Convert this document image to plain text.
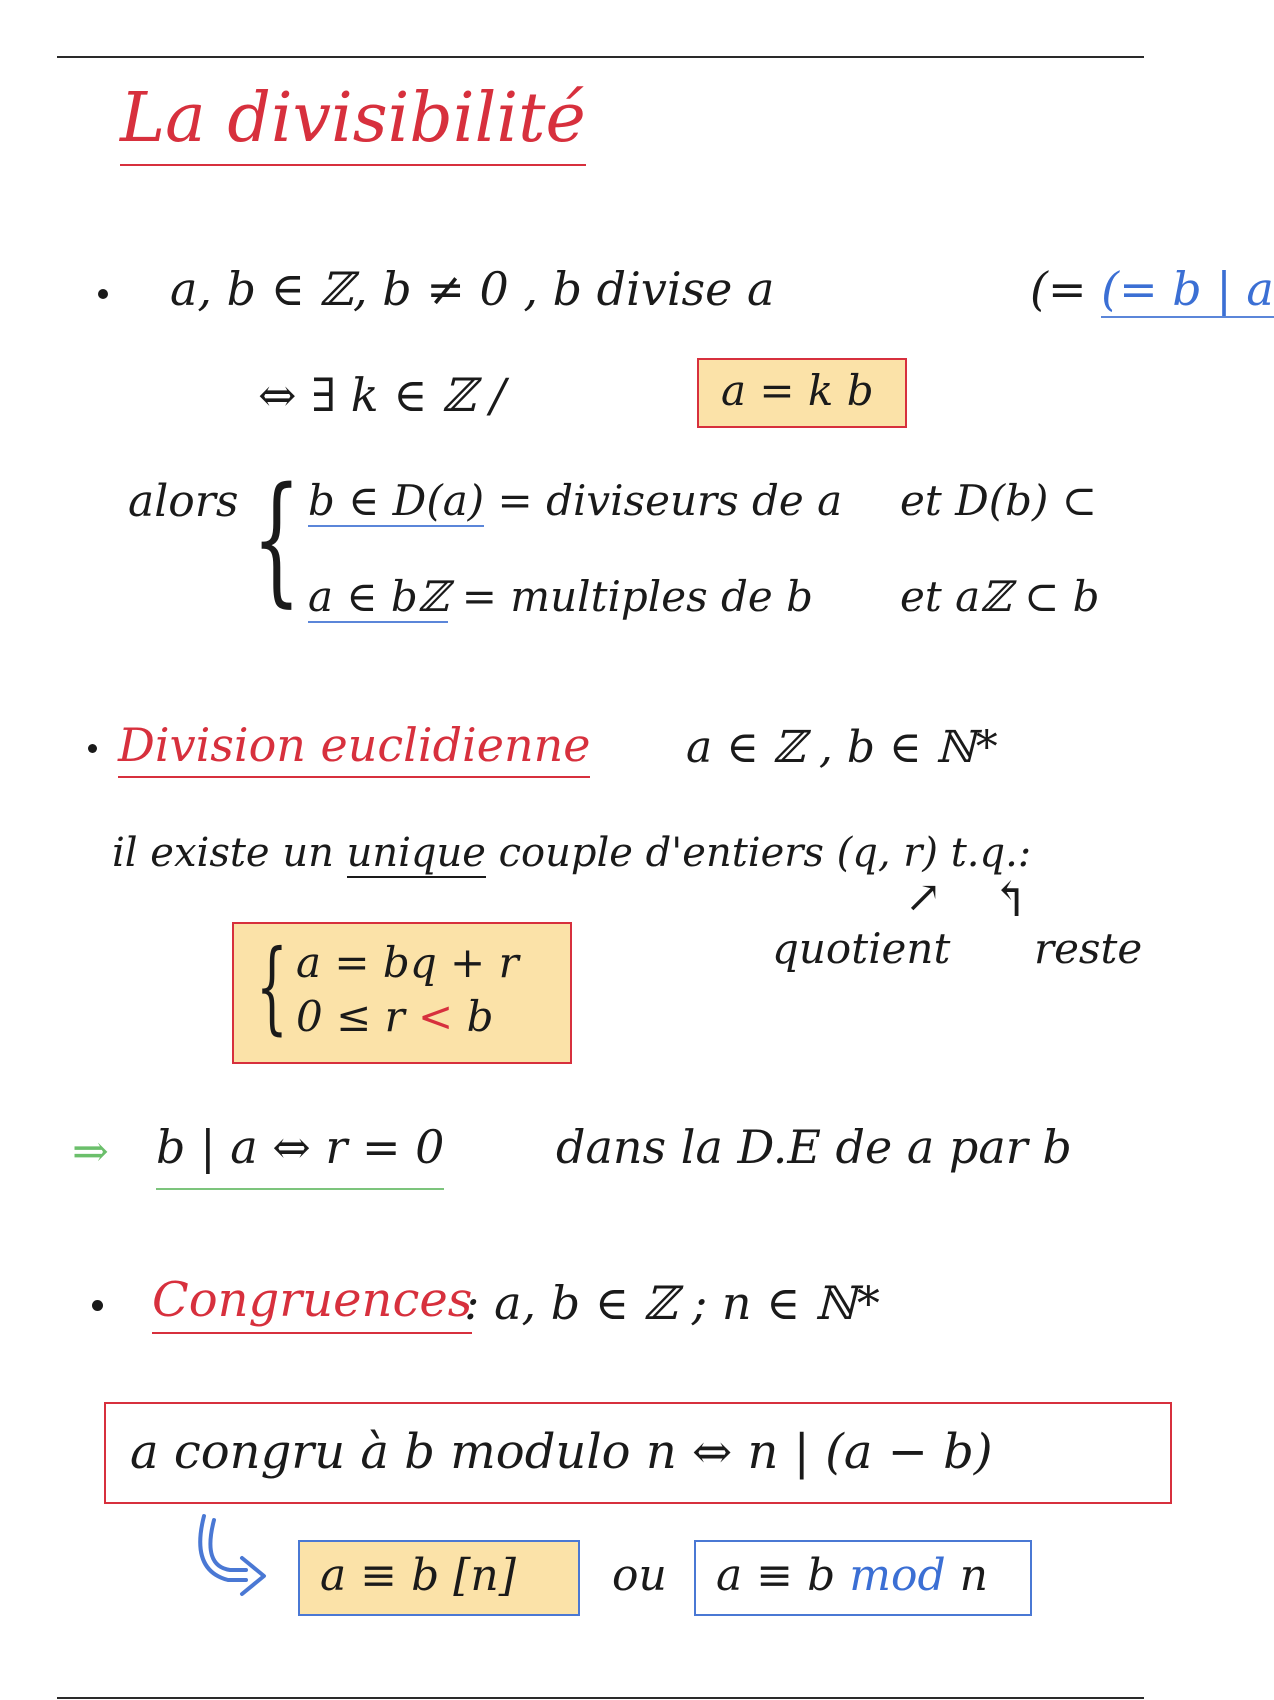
La divisibilité
a, b ∈ ℤ, b ≠ 0 , b divise a	(= (= b | a
⇔ ∃ k ∈ ℤ /	a = k b
alors { b ∈ D(a) = diviseurs de a et D(b) ⊂
a ∈ bℤ = multiples de b et aℤ ⊂ b
Division euclidienne a ∈ ℤ , b ∈ ℕ*
il existe un unique couple d'entiers (q, r) t.q.:
{ a = bq + r
0 ≤ r < b
↗ ↰
quotient reste
⇒ b | a ⇔ r = 0 dans la D.E de a par b
Congruences
: a, b ∈ ℤ ; n ∈ ℕ*
a congru à b modulo n ⇔ n | (a − b)
a ≡ b [n] ou a ≡ b mod n
